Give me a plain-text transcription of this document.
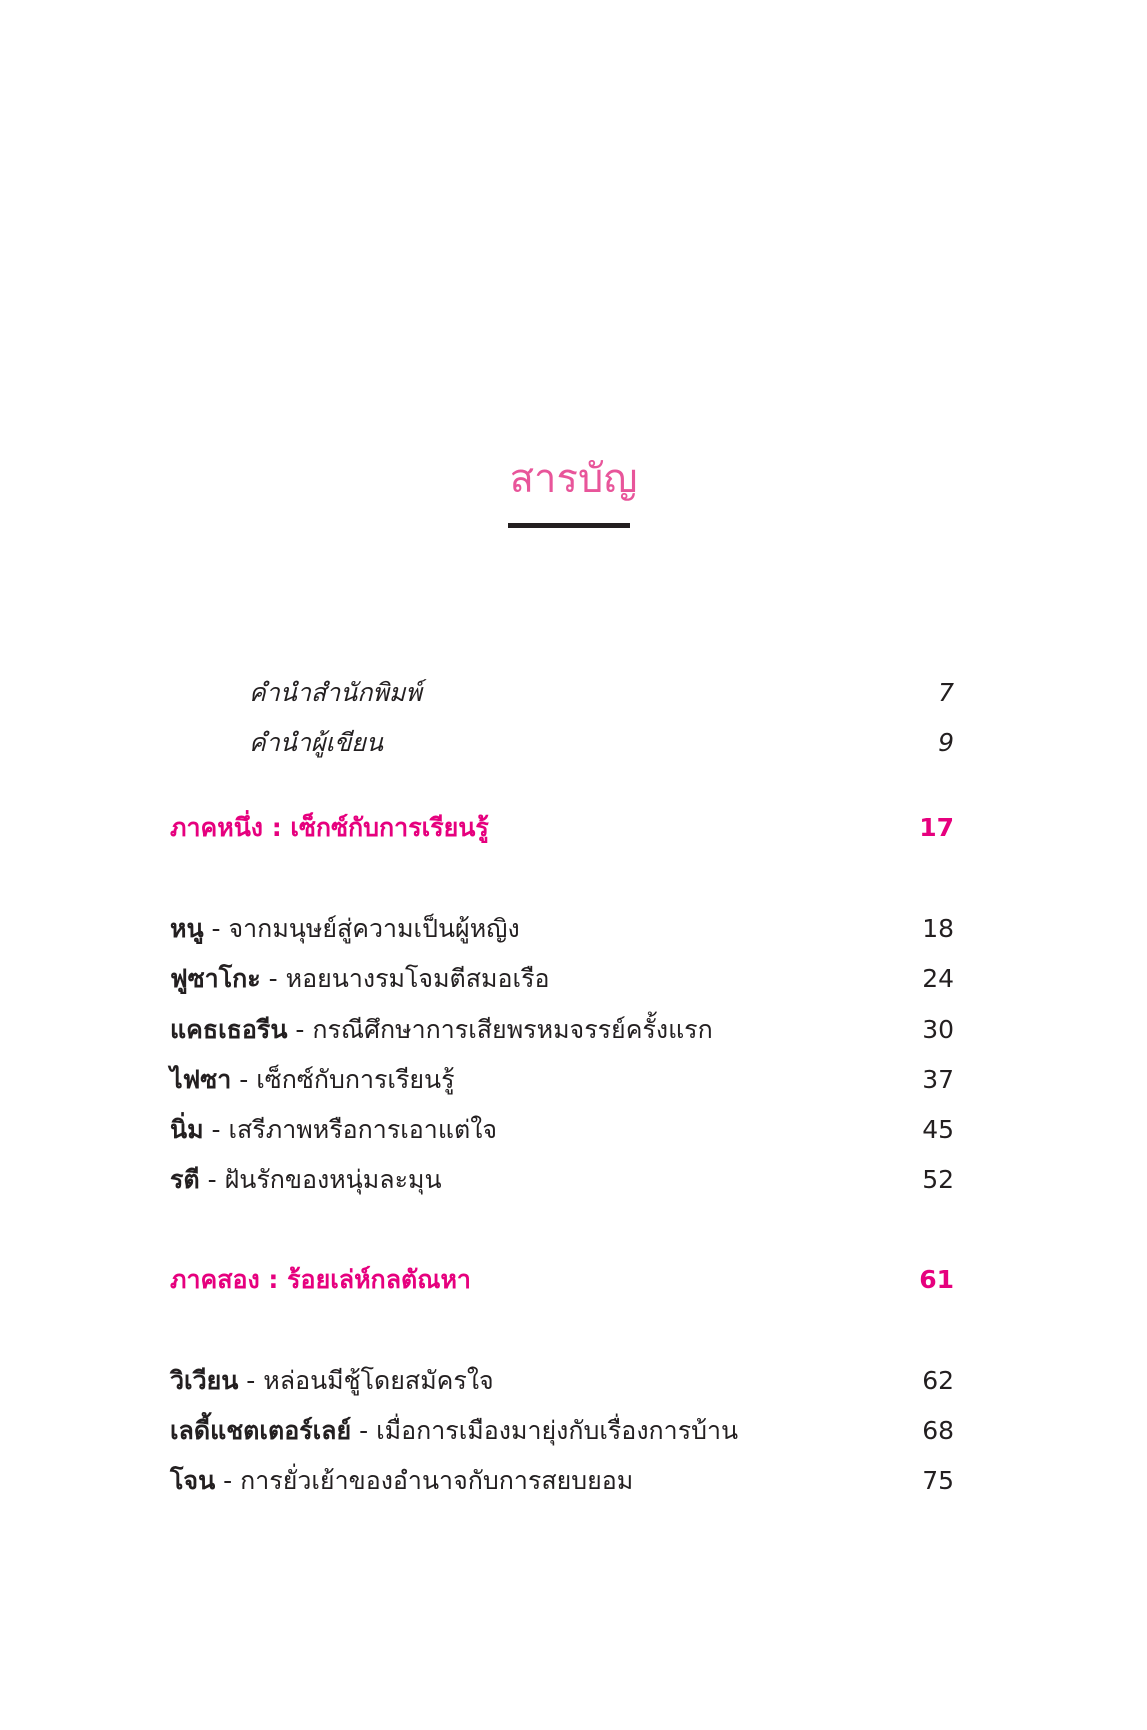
สารบัญ
คำนำสำนักพิมพ์	7
คำนำผู้เขียน	9
ภาคหนึ่ง : เซ็กซ์กับการเรียนรู้	17
หนู - จากมนุษย์สู่ความเป็นผู้หญิง	18
ฟูซาโกะ - หอยนางรมโจมตีสมอเรือ	24
แคธเธอรีน - กรณีศึกษาการเสียพรหมจรรย์ครั้งแรก	30
ไฟซา - เซ็กซ์กับการเรียนรู้	37
นิ่ม - เสรีภาพหรือการเอาแต่ใจ	45
รตี - ฝันรักของหนุ่มละมุน	52
ภาคสอง : ร้อยเล่ห์กลตัณหา	61
วิเวียน - หล่อนมีชู้โดยสมัครใจ	62
เลดี้แชตเตอร์เลย์ - เมื่อการเมืองมายุ่งกับเรื่องการบ้าน	68
โจน - การยั่วเย้าของอำนาจกับการสยบยอม	75
